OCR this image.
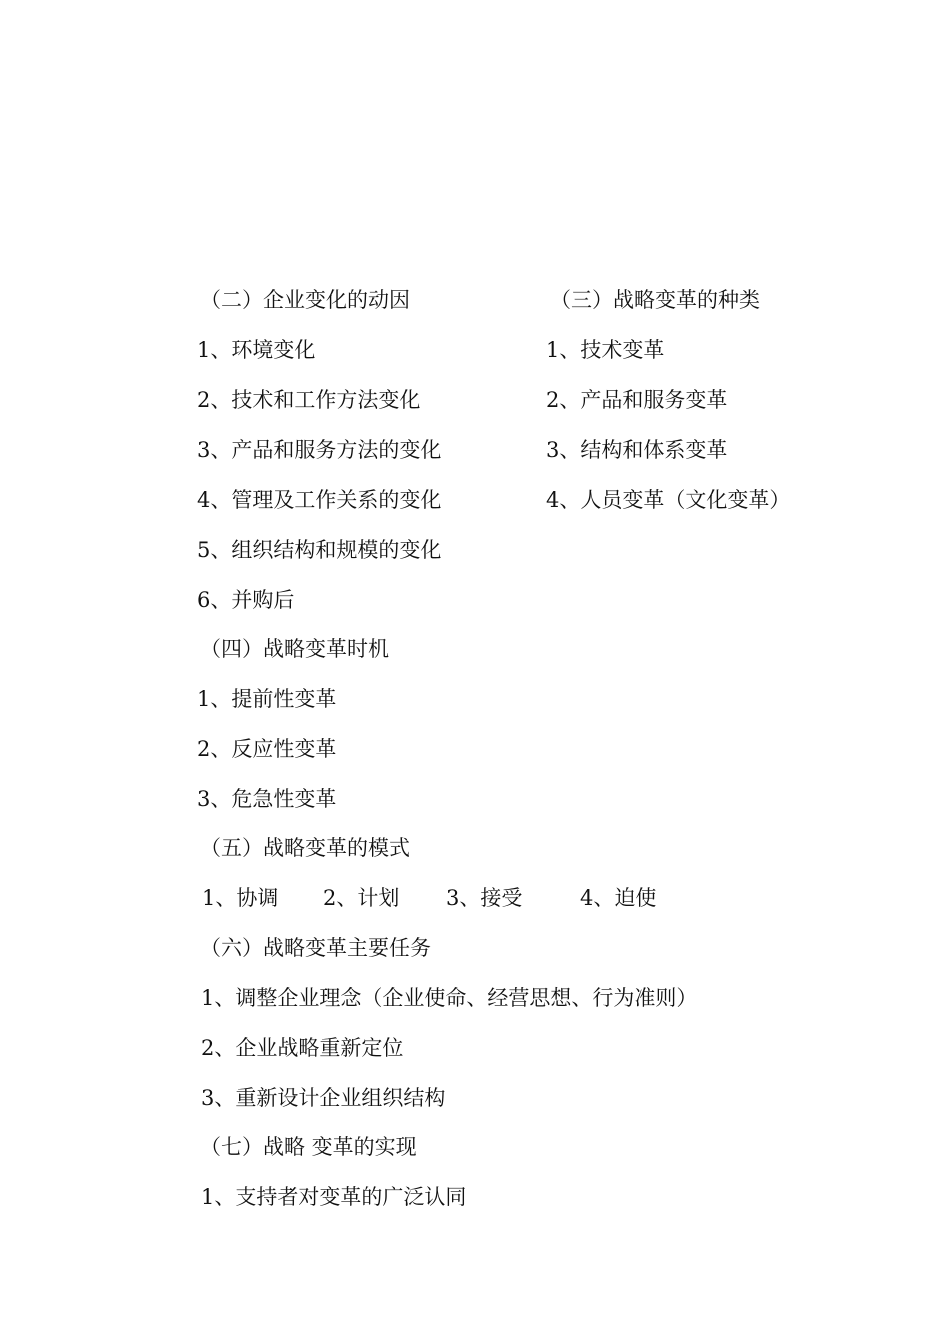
（二）企业变化的动因
1、环境变化
2、技术和工作方法变化
3、产品和服务方法的变化
4、管理及工作关系的变化
5、组织结构和规模的变化
6、并购后
（三）战略变革的种类
1、技术变革
2、产品和服务变革
3、结构和体系变革
4、人员变革（文化变革）
（四）战略变革时机
1、提前性变革
2、反应性变革
3、危急性变革
（五）战略变革的模式

1、协调

2、计划

3、接受

	4、迫使

（六）战略变革主要任务
1、调整企业理念（企业使命、经营思想、行为准则）
2、企业战略重新定位
3、重新设计企业组织结构
（七）战略 变革的实现
1、支持者对变革的广泛认同
